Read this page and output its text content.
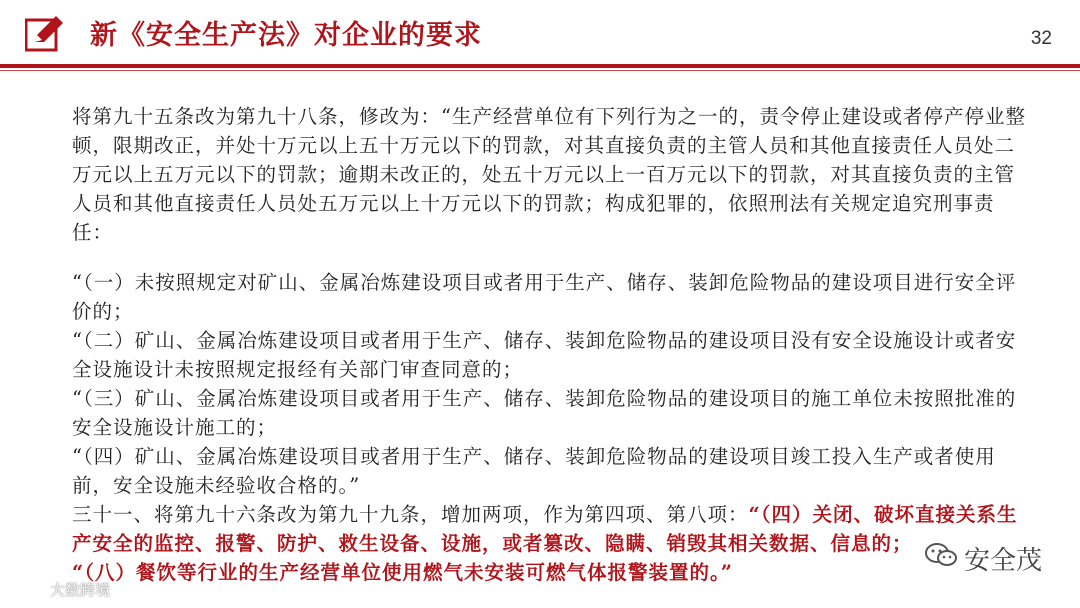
新《安全生产法》对企业的要求	32

将第九十五条改为第九十八条，修改为：“生产经营单位有下列行为之一的，责令停止建设或者停产停业整顿，限期改正，并处十万元以上五十万元以下的罚款，对其直接负责的主管人员和其他直接责任人员处二万元以上五万元以下的罚款；逾期未改正的，处五十万元以上一百万元以下的罚款，对其直接负责的主管人员和其他直接责任人员处五万元以上十万元以下的罚款；构成犯罪的，依照刑法有关规定追究刑事责任：

“（一）未按照规定对矿山、金属冶炼建设项目或者用于生产、储存、装卸危险物品的建设项目进行安全评价的；

“（二）矿山、金属冶炼建设项目或者用于生产、储存、装卸危险物品的建设项目没有安全设施设计或者安全设施设计未按照规定报经有关部门审查同意的；

“（三）矿山、金属冶炼建设项目或者用于生产、储存、装卸危险物品的建设项目的施工单位未按照批准的安全设施设计施工的；

“（四）矿山、金属冶炼建设项目或者用于生产、储存、装卸危险物品的建设项目竣工投入生产或者使用前，安全设施未经验收合格的。”

三十一、将第九十六条改为第九十九条，增加两项，作为第四项、第八项：“（四）关闭、破坏直接关系生产安全的监控、报警、防护、救生设备、设施，或者篡改、隐瞒、销毁其相关数据、信息的；

“（八）餐饮等行业的生产经营单位使用燃气未安装可燃气体报警装置的。”

大数跨境
安全茂
